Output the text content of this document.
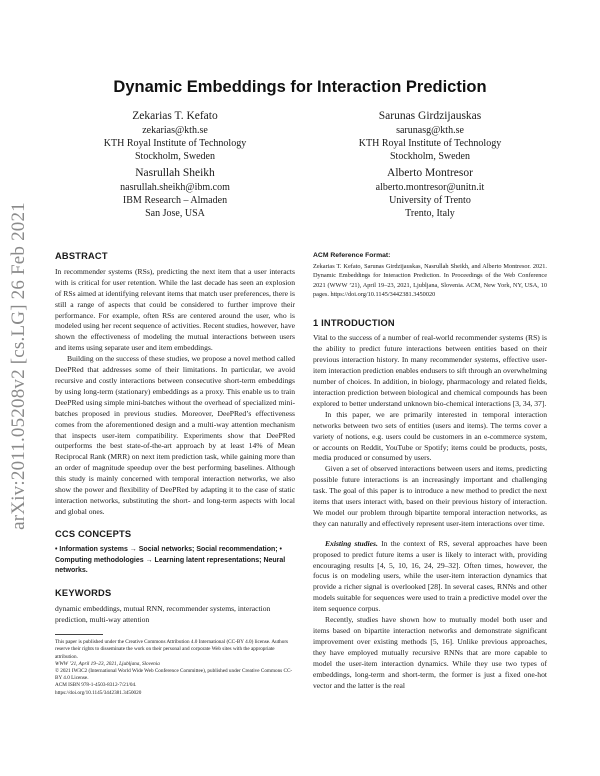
arXiv:2011.05208v2 [cs.LG] 26 Feb 2021
Dynamic Embeddings for Interaction Prediction
Zekarias T. Kefato
zekarias@kth.se
KTH Royal Institute of Technology
Stockholm, Sweden
Sarunas Girdzijauskas
sarunasg@kth.se
KTH Royal Institute of Technology
Stockholm, Sweden
Nasrullah Sheikh
nasrullah.sheikh@ibm.com
IBM Research – Almaden
San Jose, USA
Alberto Montresor
alberto.montresor@unitn.it
University of Trento
Trento, Italy
ABSTRACT

In recommender systems (RSs), predicting the next item that a user interacts with is critical for user retention. While the last decade has seen an explosion of RSs aimed at identifying relevant items that match user preferences, there is still a range of aspects that could be considered to further improve their performance. For example, often RSs are centered around the user, who is modeled using her recent sequence of activities. Recent studies, however, have shown the effectiveness of modeling the mutual interactions between users and items using separate user and item embeddings.

Building on the success of these studies, we propose a novel method called DeePRed that addresses some of their limitations. In particular, we avoid recursive and costly interactions between consecutive short-term embeddings by using long-term (stationary) embeddings as a proxy. This enable us to train DeePRed using simple mini-batches without the overhead of specialized mini-batches proposed in previous studies. Moreover, DeePRed’s effectiveness comes from the aforementioned design and a multi-way attention mechanism that inspects user-item compatibility. Experiments show that DeePRed outperforms the best state-of-the-art approach by at least 14% of Mean Reciprocal Rank (MRR) on next item prediction task, while gaining more than an order of magnitude speedup over the best performing baselines. Although this study is mainly concerned with temporal interaction networks, we also show the power and flexibility of DeePRed by adapting it to the case of static interaction networks, substituting the short- and long-term aspects with local and global ones.

CCS CONCEPTS

• Information systems → Social networks; Social recommendation; • Computing methodologies → Learning latent representations; Neural networks.

KEYWORDS

dynamic embeddings, mutual RNN, recommender systems, interaction prediction, multi-way attention

This paper is published under the Creative Commons Attribution 4.0 International (CC-BY 4.0) license. Authors reserve their rights to disseminate the work on their personal and corporate Web sites with the appropriate attribution.
WWW ’21, April 19–23, 2021, Ljubljana, Slovenia
© 2021 IW3C2 (International World Wide Web Conference Committee), published under Creative Commons CC-BY 4.0 License.
ACM ISBN 978-1-4503-8312-7/21/04.
https://doi.org/10.1145/3442381.3450020
ACM Reference Format:

Zekarias T. Kefato, Sarunas Girdzijauskas, Nasrullah Sheikh, and Alberto Montresor. 2021. Dynamic Embeddings for Interaction Prediction. In Proceedings of the Web Conference 2021 (WWW ’21), April 19–23, 2021, Ljubljana, Slovenia. ACM, New York, NY, USA, 10 pages. https://doi.org/10.1145/3442381.3450020

1 INTRODUCTION

Vital to the success of a number of real-world recommender systems (RS) is the ability to predict future interactions between entities based on their previous interaction history. In many recommender systems, effective user-item interaction prediction enables endusers to sift through an overwhelming number of choices. In addition, in biology, pharmacology and related fields, interaction prediction between biological and chemical compounds has been explored to better understand unknown bio-chemical interactions [3, 34, 37].

In this paper, we are primarily interested in temporal interaction networks between two sets of entities (users and items). The terms cover a variety of notions, e.g. users could be customers in an e-commerce system, or accounts on Reddit, YouTube or Spotify; items could be products, posts, media produced or consumed by users.

Given a set of observed interactions between users and items, predicting possible future interactions is an increasingly important and challenging task. The goal of this paper is to introduce a new method to predict the next items that users interact with, based on their previous history of interaction. We model our problem through bipartite temporal interaction networks, as they can naturally and effectively represent user-item interactions over time.

Existing studies. In the context of RS, several approaches have been proposed to predict future items a user is likely to interact with, providing encouraging results [4, 5, 10, 16, 24, 29–32]. Often times, however, the focus is on modeling users, while the user-item interaction dynamics that provide a richer signal is overlooked [28]. In several cases, RNNs and other models suitable for sequences were used to train a predictive model over the item sequence corpus.

Recently, studies have shown how to mutually model both user and items based on bipartite interaction networks and demonstrate significant improvement over existing methods [5, 16]. Unlike previous approaches, they have employed mutually recursive RNNs that are more capable to model the user-item interaction dynamics. While they use two types of embeddings, long-term and short-term, the former is just a fixed one-hot vector and the latter is the real
